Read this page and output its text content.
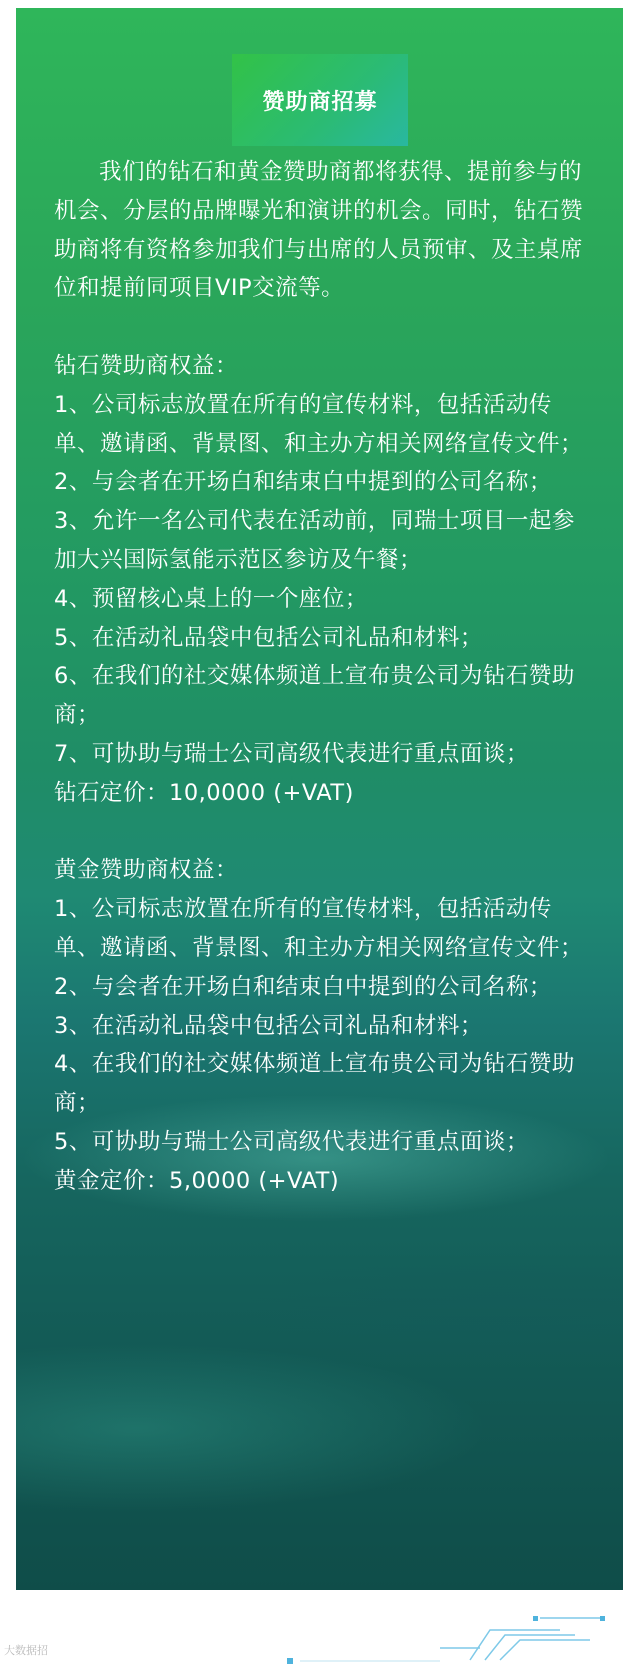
赞助商招募

我们的钻石和黄金赞助商都将获得、提前参与的机会、分层的品牌曝光和演讲的机会。同时，钻石赞助商将有资格参加我们与出席的人员预审、及主桌席位和提前同项目VIP交流等。

钻石赞助商权益：

1、公司标志放置在所有的宣传材料，包括活动传单、邀请函、背景图、和主办方相关网络宣传文件；

2、与会者在开场白和结束白中提到的公司名称；

3、允许一名公司代表在活动前，同瑞士项目一起参加大兴国际氢能示范区参访及午餐；

4、预留核心桌上的一个座位；

5、在活动礼品袋中包括公司礼品和材料；

6、在我们的社交媒体频道上宣布贵公司为钻石赞助商；

7、可协助与瑞士公司高级代表进行重点面谈；

钻石定价：10,0000 (+VAT)

黄金赞助商权益：

1、公司标志放置在所有的宣传材料，包括活动传单、邀请函、背景图、和主办方相关网络宣传文件；

2、与会者在开场白和结束白中提到的公司名称；

3、在活动礼品袋中包括公司礼品和材料；

4、在我们的社交媒体频道上宣布贵公司为钻石赞助商；

5、可协助与瑞士公司高级代表进行重点面谈；

黄金定价：5,0000 (+VAT)

大数据招
